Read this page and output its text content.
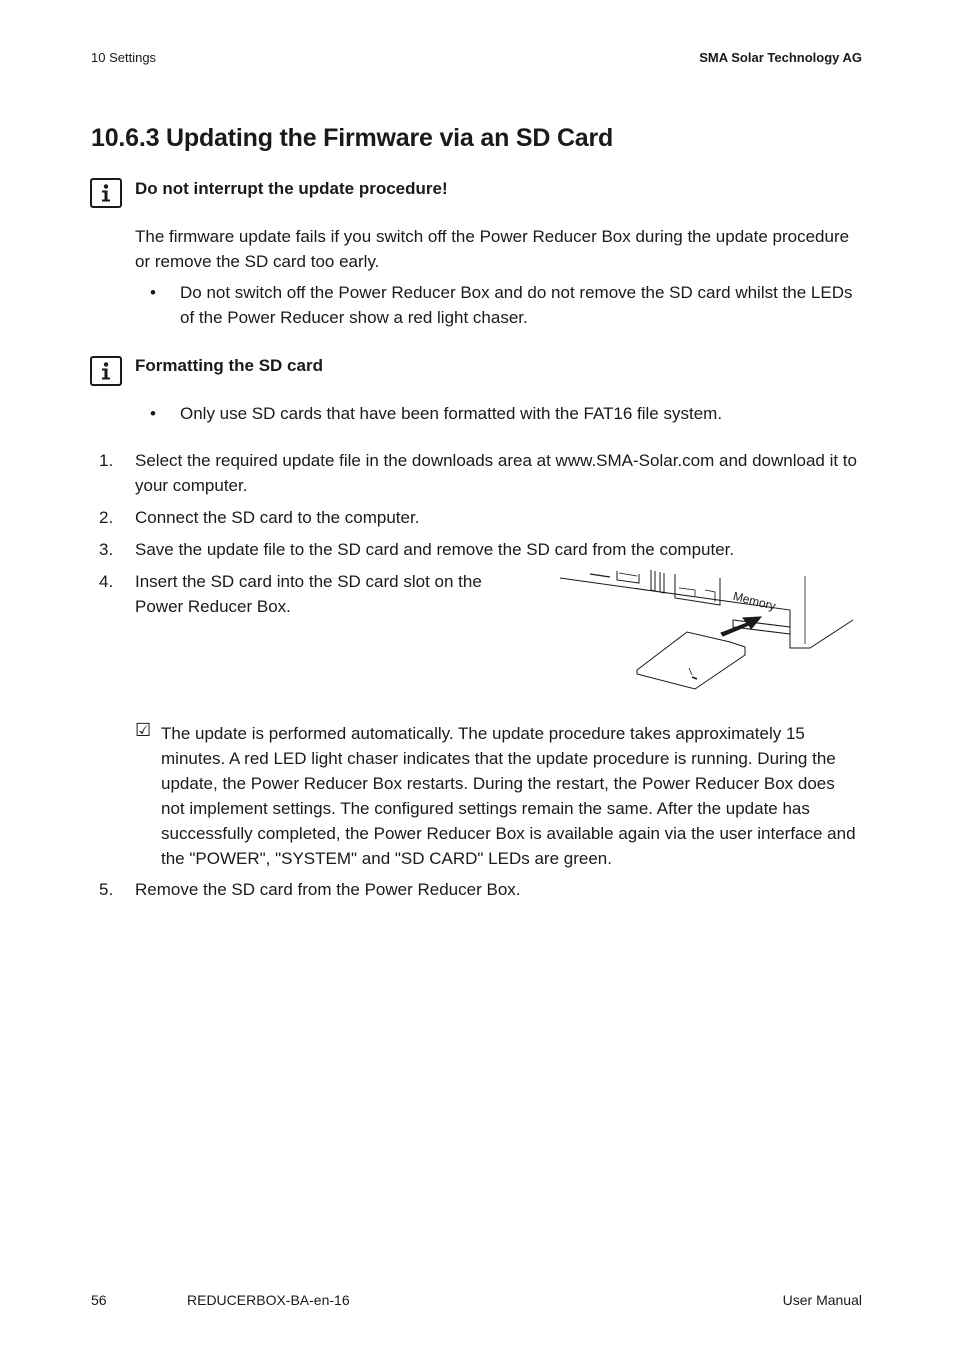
10 Settings	SMA Solar Technology AG
10.6.3 Updating the Firmware via an SD Card
Do not interrupt the update procedure!
The firmware update fails if you switch off the Power Reducer Box during the update procedure or remove the SD card too early.
• Do not switch off the Power Reducer Box and do not remove the SD card whilst the LEDs of the Power Reducer show a red light chaser.
Formatting the SD card
• Only use SD cards that have been formatted with the FAT16 file system.
1. Select the required update file in the downloads area at www.SMA-Solar.com and download it to your computer.
2. Connect the SD card to the computer.
3. Save the update file to the SD card and remove the SD card from the computer.
4. Insert the SD card into the SD card slot on the Power Reducer Box.	Memory
☑ The update is performed automatically. The update procedure takes approximately 15 minutes. A red LED light chaser indicates that the update procedure is running. During the update, the Power Reducer Box restarts. During the restart, the Power Reducer Box does not implement settings. The configured settings remain the same. After the update has successfully completed, the Power Reducer Box is available again via the user interface and the "POWER", "SYSTEM" and "SD CARD" LEDs are green.
5. Remove the SD card from the Power Reducer Box.
56	REDUCERBOX-BA-en-16	User Manual
